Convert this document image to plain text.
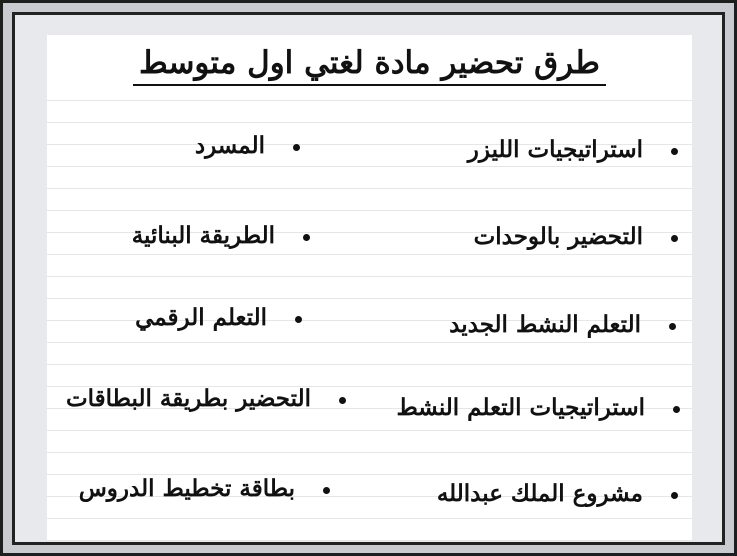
طرق تحضير مادة لغتي اول متوسط
استراتيجيات الليزر
التحضير بالوحدات
التعلم النشط الجديد
استراتيجيات التعلم النشط
مشروع الملك عبدالله
المسرد
الطريقة البنائية
التعلم الرقمي
التحضير بطريقة البطاقات
بطاقة تخطيط الدروس
